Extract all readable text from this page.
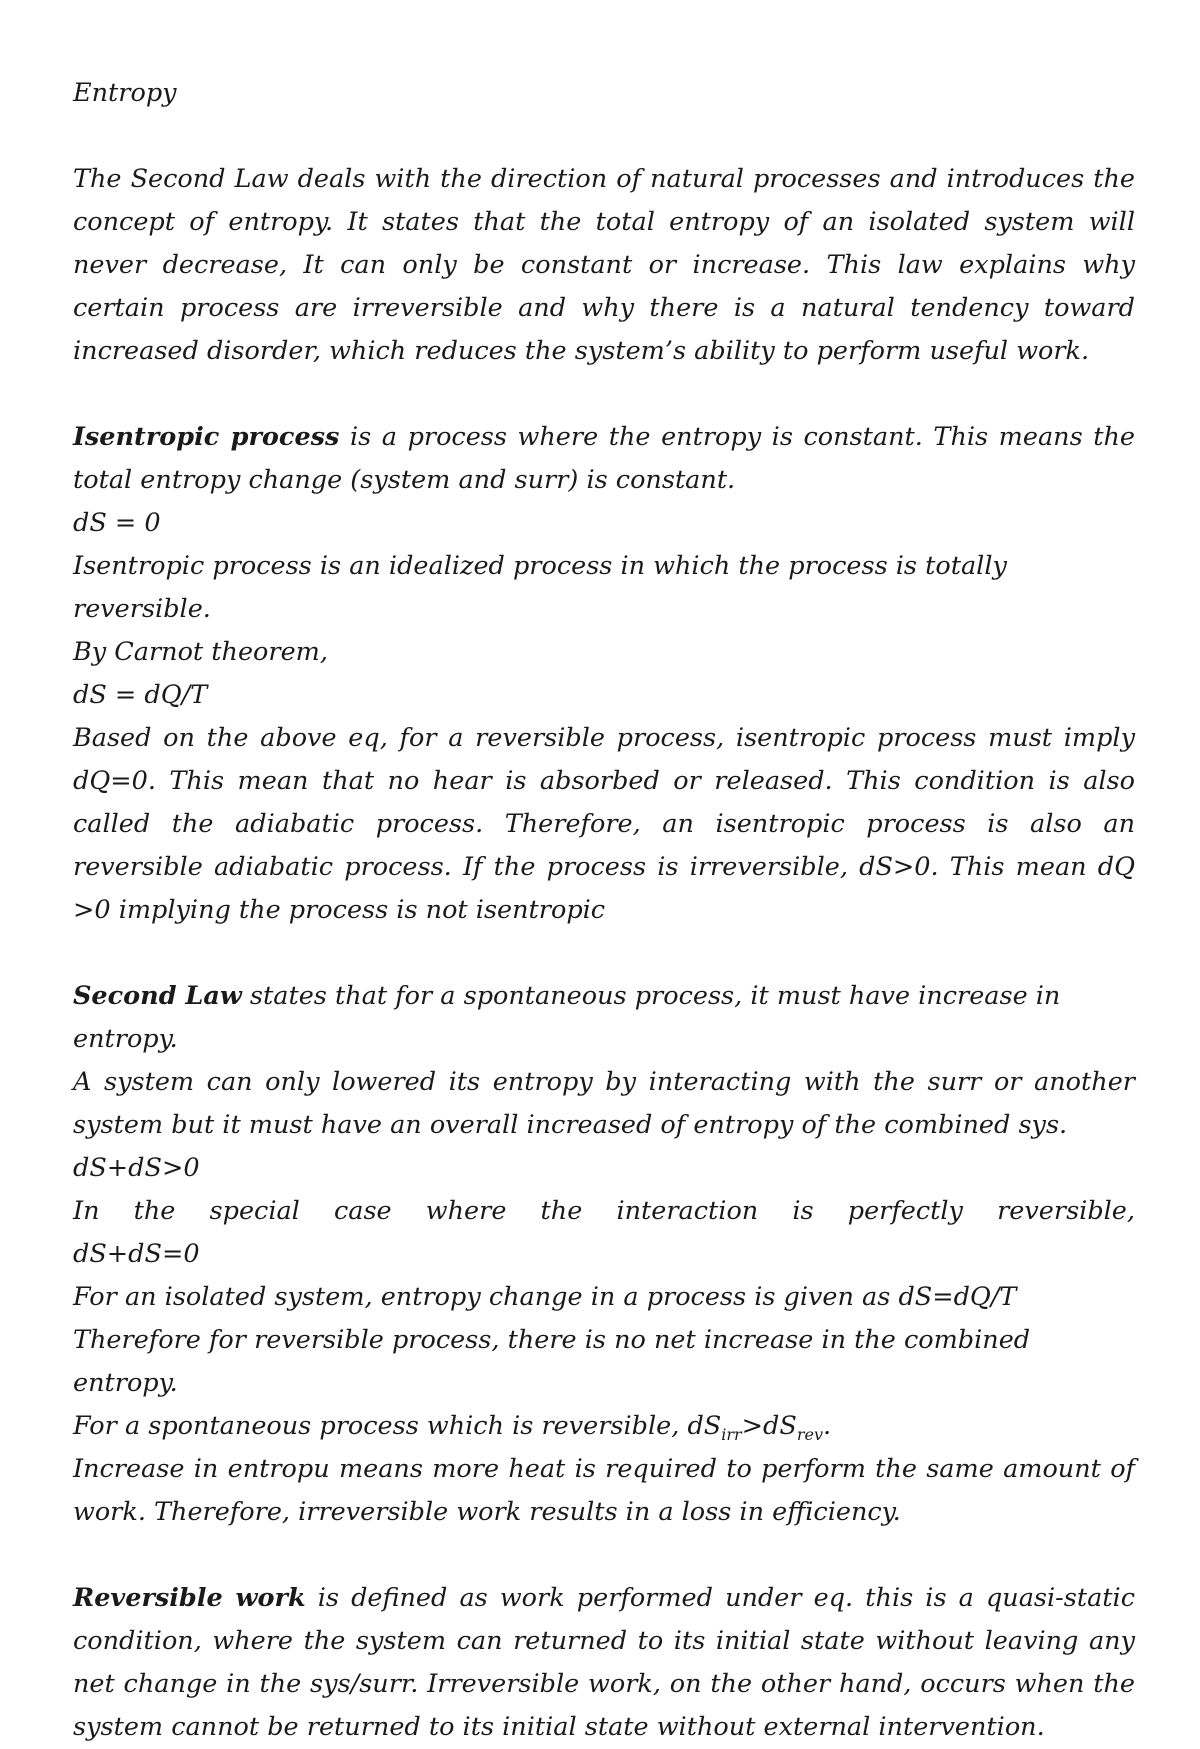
Entropy

The Second Law deals with the direction of natural processes and introduces the concept of entropy. It states that the total entropy of an isolated system will never decrease, It can only be constant or increase. This law explains why certain process are irreversible and why there is a natural tendency toward increased disorder, which reduces the system’s ability to perform useful work.

Isentropic process is a process where the entropy is constant. This means the total entropy change (system and surr) is constant.

dS = 0

Isentropic process is an idealized process in which the process is totally reversible.

By Carnot theorem,

dS = dQ/T

Based on the above eq, for a reversible process, isentropic process must imply dQ=0. This mean that no hear is absorbed or released. This condition is also called the adiabatic process. Therefore, an isentropic process is also an reversible adiabatic process. If the process is irreversible, dS>0. This mean dQ >0 implying the process is not isentropic

Second Law states that for a spontaneous process, it must have increase in entropy.

A system can only lowered its entropy by interacting with the surr or another system but it must have an overall increased of entropy of the combined sys.

dS+dS>0

In the special case where the interaction is perfectly reversible,

dS+dS=0

For an isolated system, entropy change in a process is given as dS=dQ/T

Therefore for reversible process, there is no net increase in the combined entropy.

For a spontaneous process which is reversible, $dS_{irr}>dS_{rev}$.

Increase in entropu means more heat is required to perform the same amount of work. Therefore, irreversible work results in a loss in efficiency.

Reversible work is defined as work performed under eq. this is a quasi-static condition, where the system can returned to its initial state without leaving any net change in the sys/surr. Irreversible work, on the other hand, occurs when the system cannot be returned to its initial state without external intervention.
